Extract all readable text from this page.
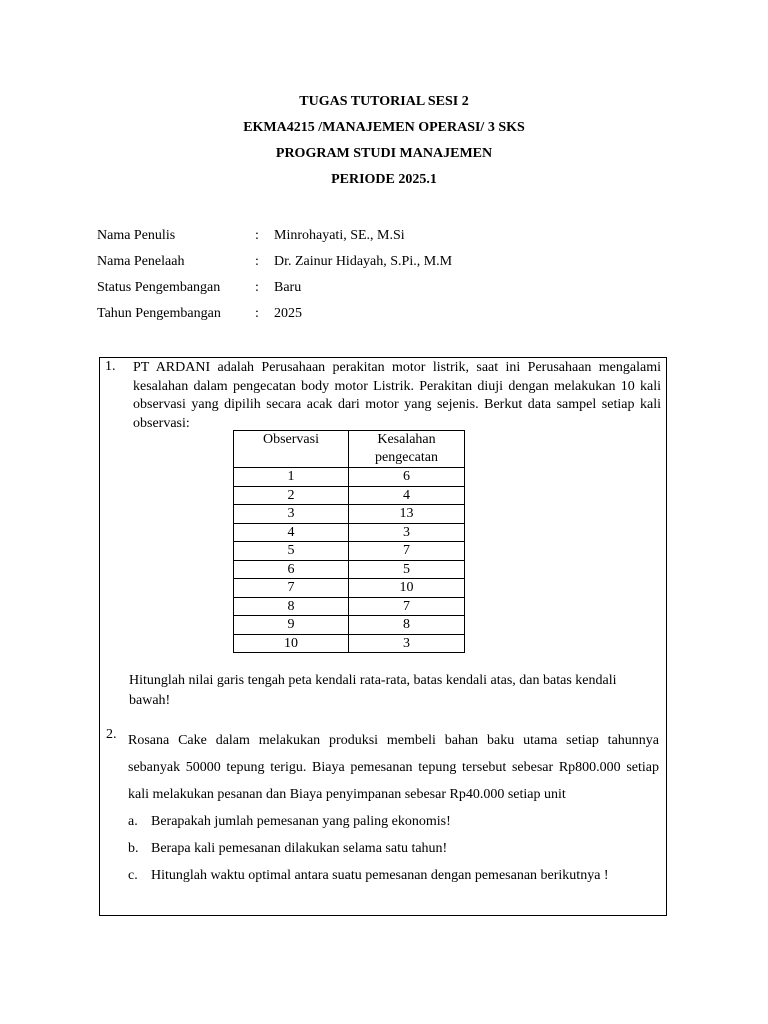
TUGAS TUTORIAL SESI 2
EKMA4215 /MANAJEMEN OPERASI/ 3 SKS
PROGRAM STUDI MANAJEMEN
PERIODE 2025.1
Nama Penulis	:	Minrohayati, SE., M.Si
Nama Penelaah	:	Dr. Zainur Hidayah, S.Pi., M.M
Status Pengembangan	:	Baru
Tahun Pengembangan	:	2025
1. PT ARDANI adalah Perusahaan perakitan motor listrik, saat ini Perusahaan mengalami kesalahan dalam pengecatan body motor Listrik. Perakitan diuji dengan melakukan 10 kali observasi yang dipilih secara acak dari motor yang sejenis. Berkut data sampel setiap kali observasi:
Observasi	Kesalahan pengecatan
1	6
2	4
3	13
4	3
5	7
6	5
7	10
8	7
9	8
10	3
Hitunglah nilai garis tengah peta kendali rata-rata, batas kendali atas, dan batas kendali bawah!
2. Rosana Cake dalam melakukan produksi membeli bahan baku utama setiap tahunnya sebanyak 50000 tepung terigu. Biaya pemesanan tepung tersebut sebesar Rp800.000 setiap kali melakukan pesanan dan Biaya penyimpanan sebesar Rp40.000 setiap unit
a. Berapakah jumlah pemesanan yang paling ekonomis!
b. Berapa kali pemesanan dilakukan selama satu tahun!
c. Hitunglah waktu optimal antara suatu pemesanan dengan pemesanan berikutnya !
